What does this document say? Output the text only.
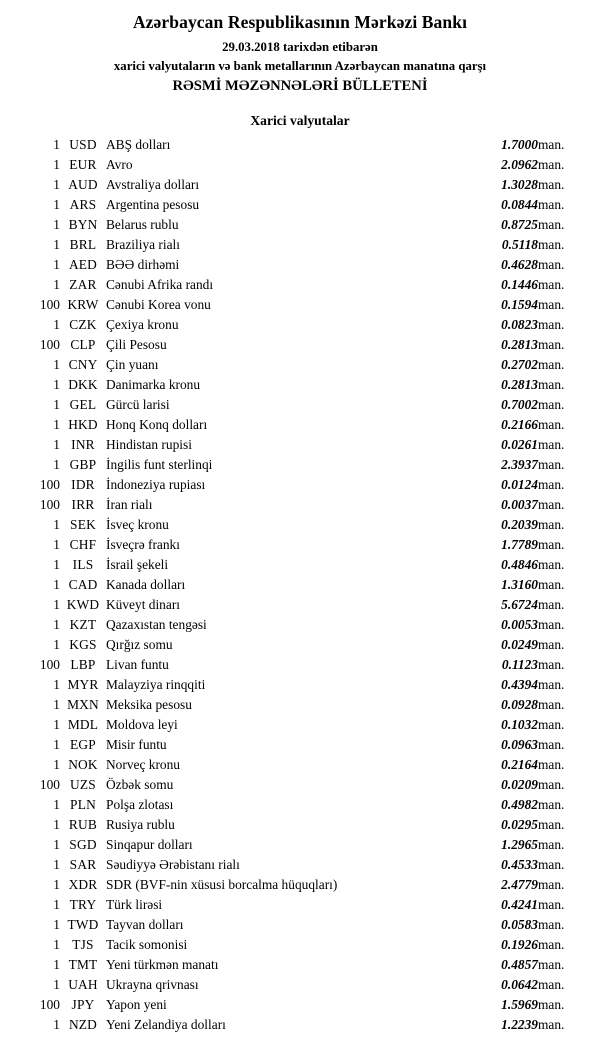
Azərbaycan Respublikasının Mərkəzi Bankı
29.03.2018 tarixdən etibarən
xarici valyutaların və bank metallarının Azərbaycan manatına qarşı
RƏSMİ MƏZƏNNƏLƏRİ BÜLLETENİ
Xarici valyutalar
1	USD	ABŞ dolları	1.7000	man.
1	EUR	Avro	2.0962	man.
1	AUD	Avstraliya dolları	1.3028	man.
1	ARS	Argentina pesosu	0.0844	man.
1	BYN	Belarus rublu	0.8725	man.
1	BRL	Braziliya rialı	0.5118	man.
1	AED	BƏƏ dirhəmi	0.4628	man.
1	ZAR	Cənubi Afrika randı	0.1446	man.
100	KRW	Cənubi Korea vonu	0.1594	man.
1	CZK	Çexiya kronu	0.0823	man.
100	CLP	Çili Pesosu	0.2813	man.
1	CNY	Çin yuanı	0.2702	man.
1	DKK	Danimarka kronu	0.2813	man.
1	GEL	Gürcü larisi	0.7002	man.
1	HKD	Honq Konq dolları	0.2166	man.
1	INR	Hindistan rupisi	0.0261	man.
1	GBP	İngilis funt sterlinqi	2.3937	man.
100	IDR	İndoneziya rupiası	0.0124	man.
100	IRR	İran rialı	0.0037	man.
1	SEK	İsveç kronu	0.2039	man.
1	CHF	İsveçrə frankı	1.7789	man.
1	ILS	İsrail şekeli	0.4846	man.
1	CAD	Kanada dolları	1.3160	man.
1	KWD	Küveyt dinarı	5.6724	man.
1	KZT	Qazaxıstan tengəsi	0.0053	man.
1	KGS	Qırğız somu	0.0249	man.
100	LBP	Livan funtu	0.1123	man.
1	MYR	Malayziya rinqqiti	0.4394	man.
1	MXN	Meksika pesosu	0.0928	man.
1	MDL	Moldova leyi	0.1032	man.
1	EGP	Misir funtu	0.0963	man.
1	NOK	Norveç kronu	0.2164	man.
100	UZS	Özbək somu	0.0209	man.
1	PLN	Polşa zlotası	0.4982	man.
1	RUB	Rusiya rublu	0.0295	man.
1	SGD	Sinqapur dolları	1.2965	man.
1	SAR	Səudiyyə Ərəbistanı rialı	0.4533	man.
1	XDR	SDR (BVF-nin xüsusi borcalma hüquqları)	2.4779	man.
1	TRY	Türk lirəsi	0.4241	man.
1	TWD	Tayvan dolları	0.0583	man.
1	TJS	Tacik somonisi	0.1926	man.
1	TMT	Yeni türkmən manatı	0.4857	man.
1	UAH	Ukrayna qrivnası	0.0642	man.
100	JPY	Yapon yeni	1.5969	man.
1	NZD	Yeni Zelandiya dolları	1.2239	man.
